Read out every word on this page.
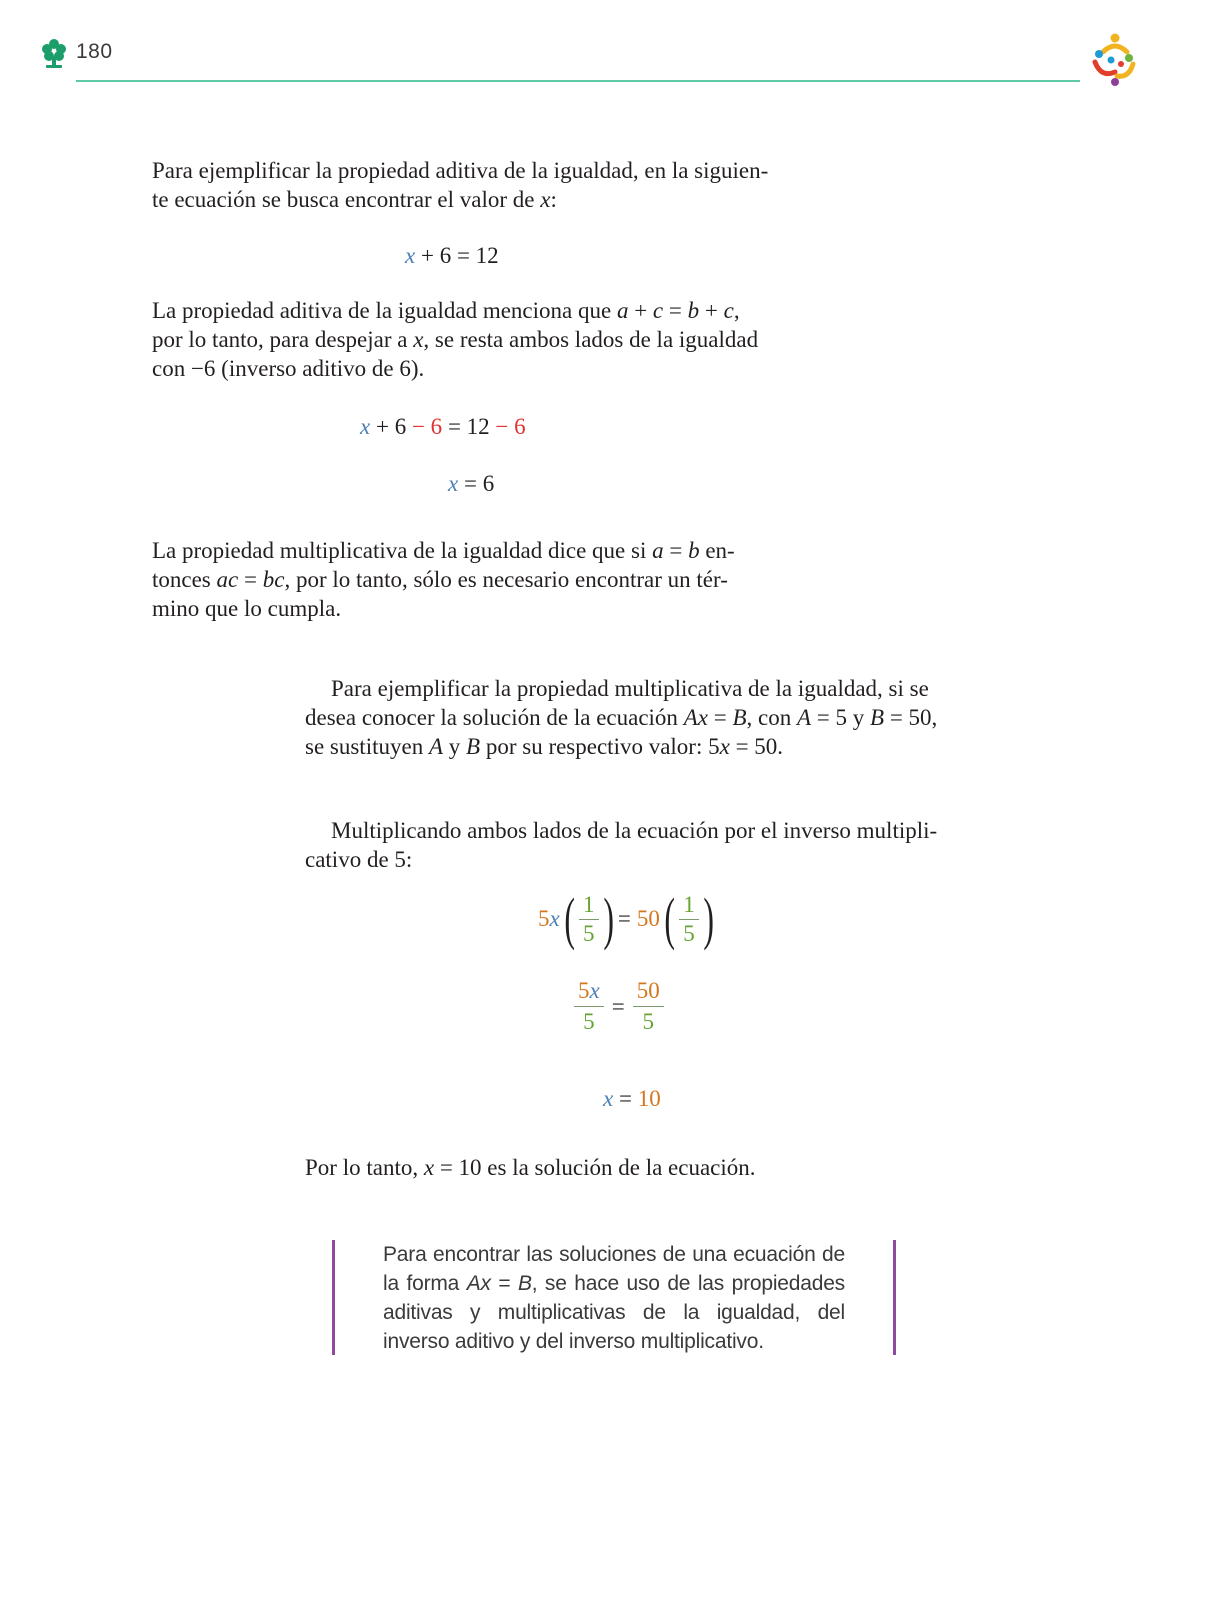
180
Para ejemplificar la propiedad aditiva de la igualdad, en la siguien-
te ecuación se busca encontrar el valor de x:
x + 6 = 12
La propiedad aditiva de la igualdad menciona que a + c = b + c,
por lo tanto, para despejar a x, se resta ambos lados de la igualdad
con −6 (inverso aditivo de 6).
x + 6 − 6 = 12 − 6
x = 6
La propiedad multiplicativa de la igualdad dice que si a = b en-
tonces ac = bc, por lo tanto, sólo es necesario encontrar un tér-
mino que lo cumpla.
Para ejemplificar la propiedad multiplicativa de la igualdad, si se
desea conocer la solución de la ecuación Ax = B, con A = 5 y B = 50,
se sustituyen A y B por su respectivo valor: 5x = 50.
Multiplicando ambos lados de la ecuación por el inverso multipli-
cativo de 5:
5 x ( $\frac{1}{5}$ ) = 50 ( $\frac{1}{5}$ )
$\frac{5x}{5} = \frac{50}{5}$
x = 10
Por lo tanto, x = 10 es la solución de la ecuación.
Para encontrar las soluciones de una ecuación de la forma Ax = B, se hace uso de las propiedades aditivas y multiplicativas de la igualdad, del inverso aditivo y del inverso multiplicativo.
